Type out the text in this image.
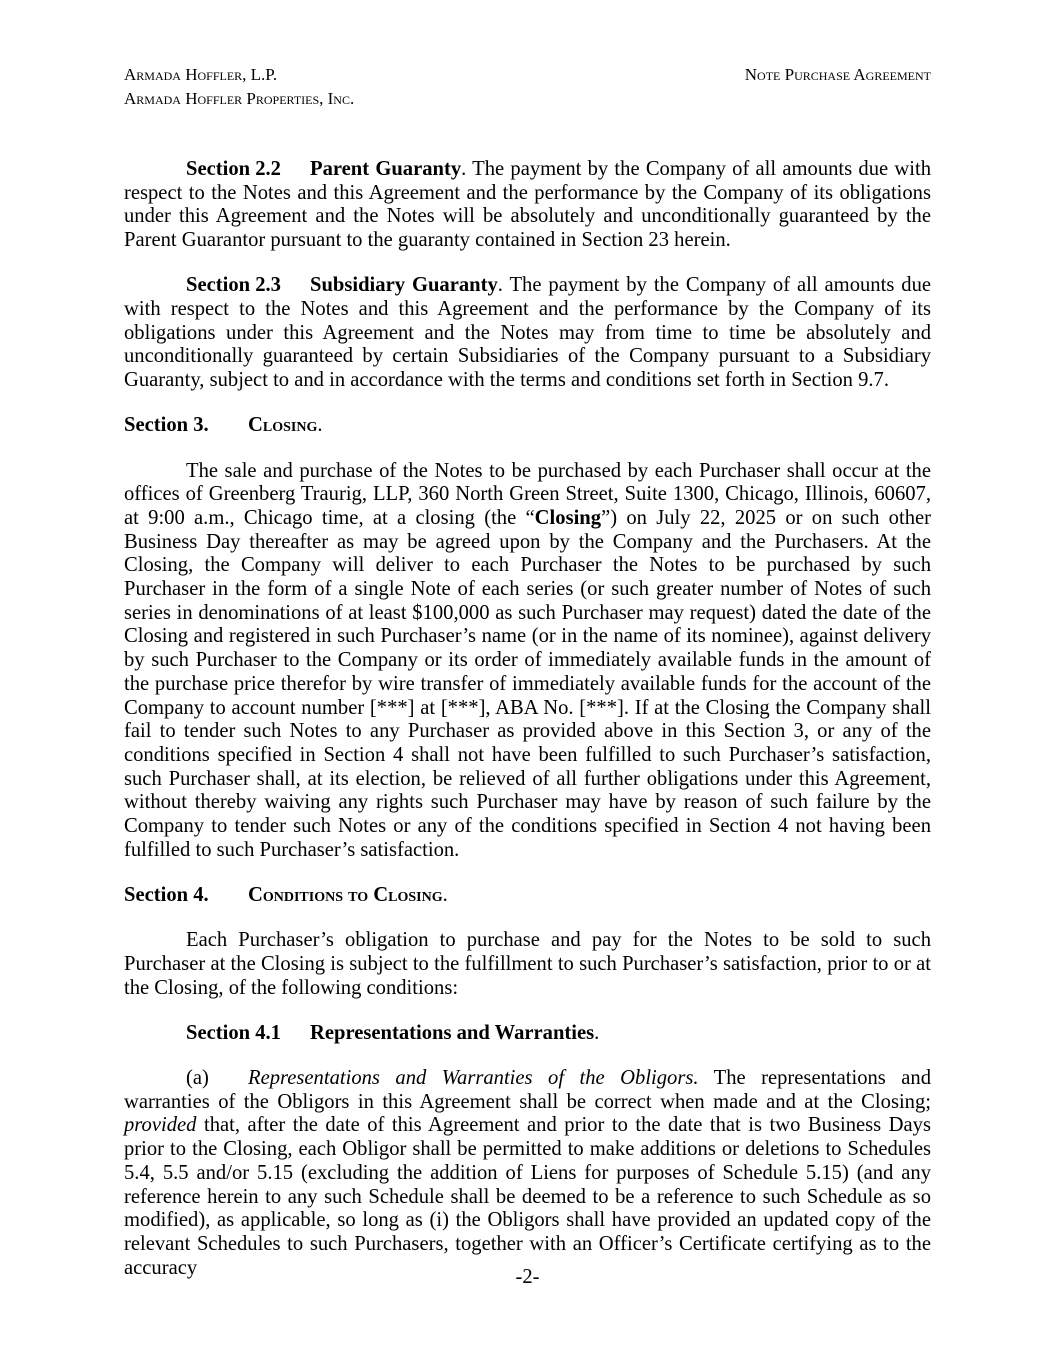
Armada Hoffler, L.P.
Armada Hoffler Properties, Inc.
Note Purchase Agreement

Section 2.2 Parent Guaranty. The payment by the Company of all amounts due with respect to the Notes and this Agreement and the performance by the Company of its obligations under this Agreement and the Notes will be absolutely and unconditionally guaranteed by the Parent Guarantor pursuant to the guaranty contained in Section 23 herein.

Section 2.3 Subsidiary Guaranty. The payment by the Company of all amounts due with respect to the Notes and this Agreement and the performance by the Company of its obligations under this Agreement and the Notes may from time to time be absolutely and unconditionally guaranteed by certain Subsidiaries of the Company pursuant to a Subsidiary Guaranty, subject to and in accordance with the terms and conditions set forth in Section 9.7.

Section 3. Closing.

The sale and purchase of the Notes to be purchased by each Purchaser shall occur at the offices of Greenberg Traurig, LLP, 360 North Green Street, Suite 1300, Chicago, Illinois, 60607, at 9:00 a.m., Chicago time, at a closing (the “Closing”) on July 22, 2025 or on such other Business Day thereafter as may be agreed upon by the Company and the Purchasers. At the Closing, the Company will deliver to each Purchaser the Notes to be purchased by such Purchaser in the form of a single Note of each series (or such greater number of Notes of such series in denominations of at least $100,000 as such Purchaser may request) dated the date of the Closing and registered in such Purchaser’s name (or in the name of its nominee), against delivery by such Purchaser to the Company or its order of immediately available funds in the amount of the purchase price therefor by wire transfer of immediately available funds for the account of the Company to account number [***] at [***], ABA No. [***]. If at the Closing the Company shall fail to tender such Notes to any Purchaser as provided above in this Section 3, or any of the conditions specified in Section 4 shall not have been fulfilled to such Purchaser’s satisfaction, such Purchaser shall, at its election, be relieved of all further obligations under this Agreement, without thereby waiving any rights such Purchaser may have by reason of such failure by the Company to tender such Notes or any of the conditions specified in Section 4 not having been fulfilled to such Purchaser’s satisfaction.

Section 4. Conditions to Closing.

Each Purchaser’s obligation to purchase and pay for the Notes to be sold to such Purchaser at the Closing is subject to the fulfillment to such Purchaser’s satisfaction, prior to or at the Closing, of the following conditions:

Section 4.1 Representations and Warranties.

(a) Representations and Warranties of the Obligors. The representations and warranties of the Obligors in this Agreement shall be correct when made and at the Closing; provided that, after the date of this Agreement and prior to the date that is two Business Days prior to the Closing, each Obligor shall be permitted to make additions or deletions to Schedules 5.4, 5.5 and/or 5.15 (excluding the addition of Liens for purposes of Schedule 5.15) (and any reference herein to any such Schedule shall be deemed to be a reference to such Schedule as so modified), as applicable, so long as (i) the Obligors shall have provided an updated copy of the relevant Schedules to such Purchasers, together with an Officer’s Certificate certifying as to the accuracy	-2-
